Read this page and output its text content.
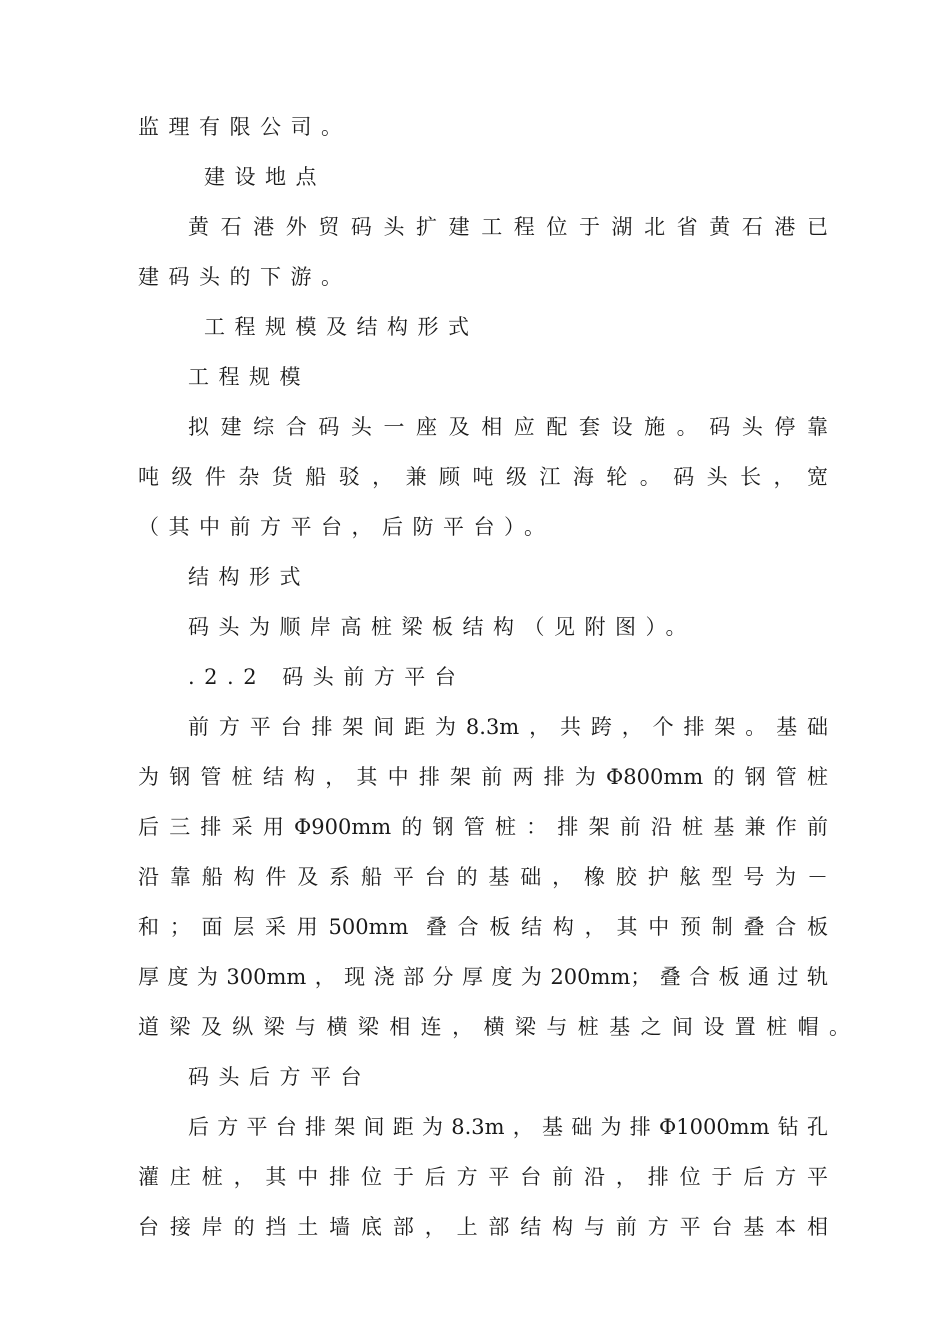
监理有限公司。
建设地点
黄石港外贸码头扩建工程位于湖北省黄石港已
建码头的下游。
工程规模及结构形式
工程规模
拟建综合码头一座及相应配套设施。码头停靠
吨级件杂货船驳，兼顾吨级江海轮。码头长，宽
（其中前方平台，后防平台）。
结构形式
码头为顺岸高桩梁板结构（见附图）。
.2.2 码头前方平台
前方平台排架间距为8.3m，共跨，个排架。基础
为钢管桩结构，其中排架前两排为Φ800mm的钢管桩
后三排采用Φ900mm的钢管桩：排架前沿桩基兼作前
沿靠船构件及系船平台的基础，橡胶护舷型号为－
和；面层采用500mm 叠合板结构，其中预制叠合板
厚度为300mm，现浇部分厚度为200mm；叠合板通过轨
道梁及纵梁与横梁相连，横梁与桩基之间设置桩帽。
码头后方平台
后方平台排架间距为8.3m，基础为排Φ1000mm钻孔
灌庄桩，其中排位于后方平台前沿，排位于后方平
台接岸的挡土墙底部，上部结构与前方平台基本相
